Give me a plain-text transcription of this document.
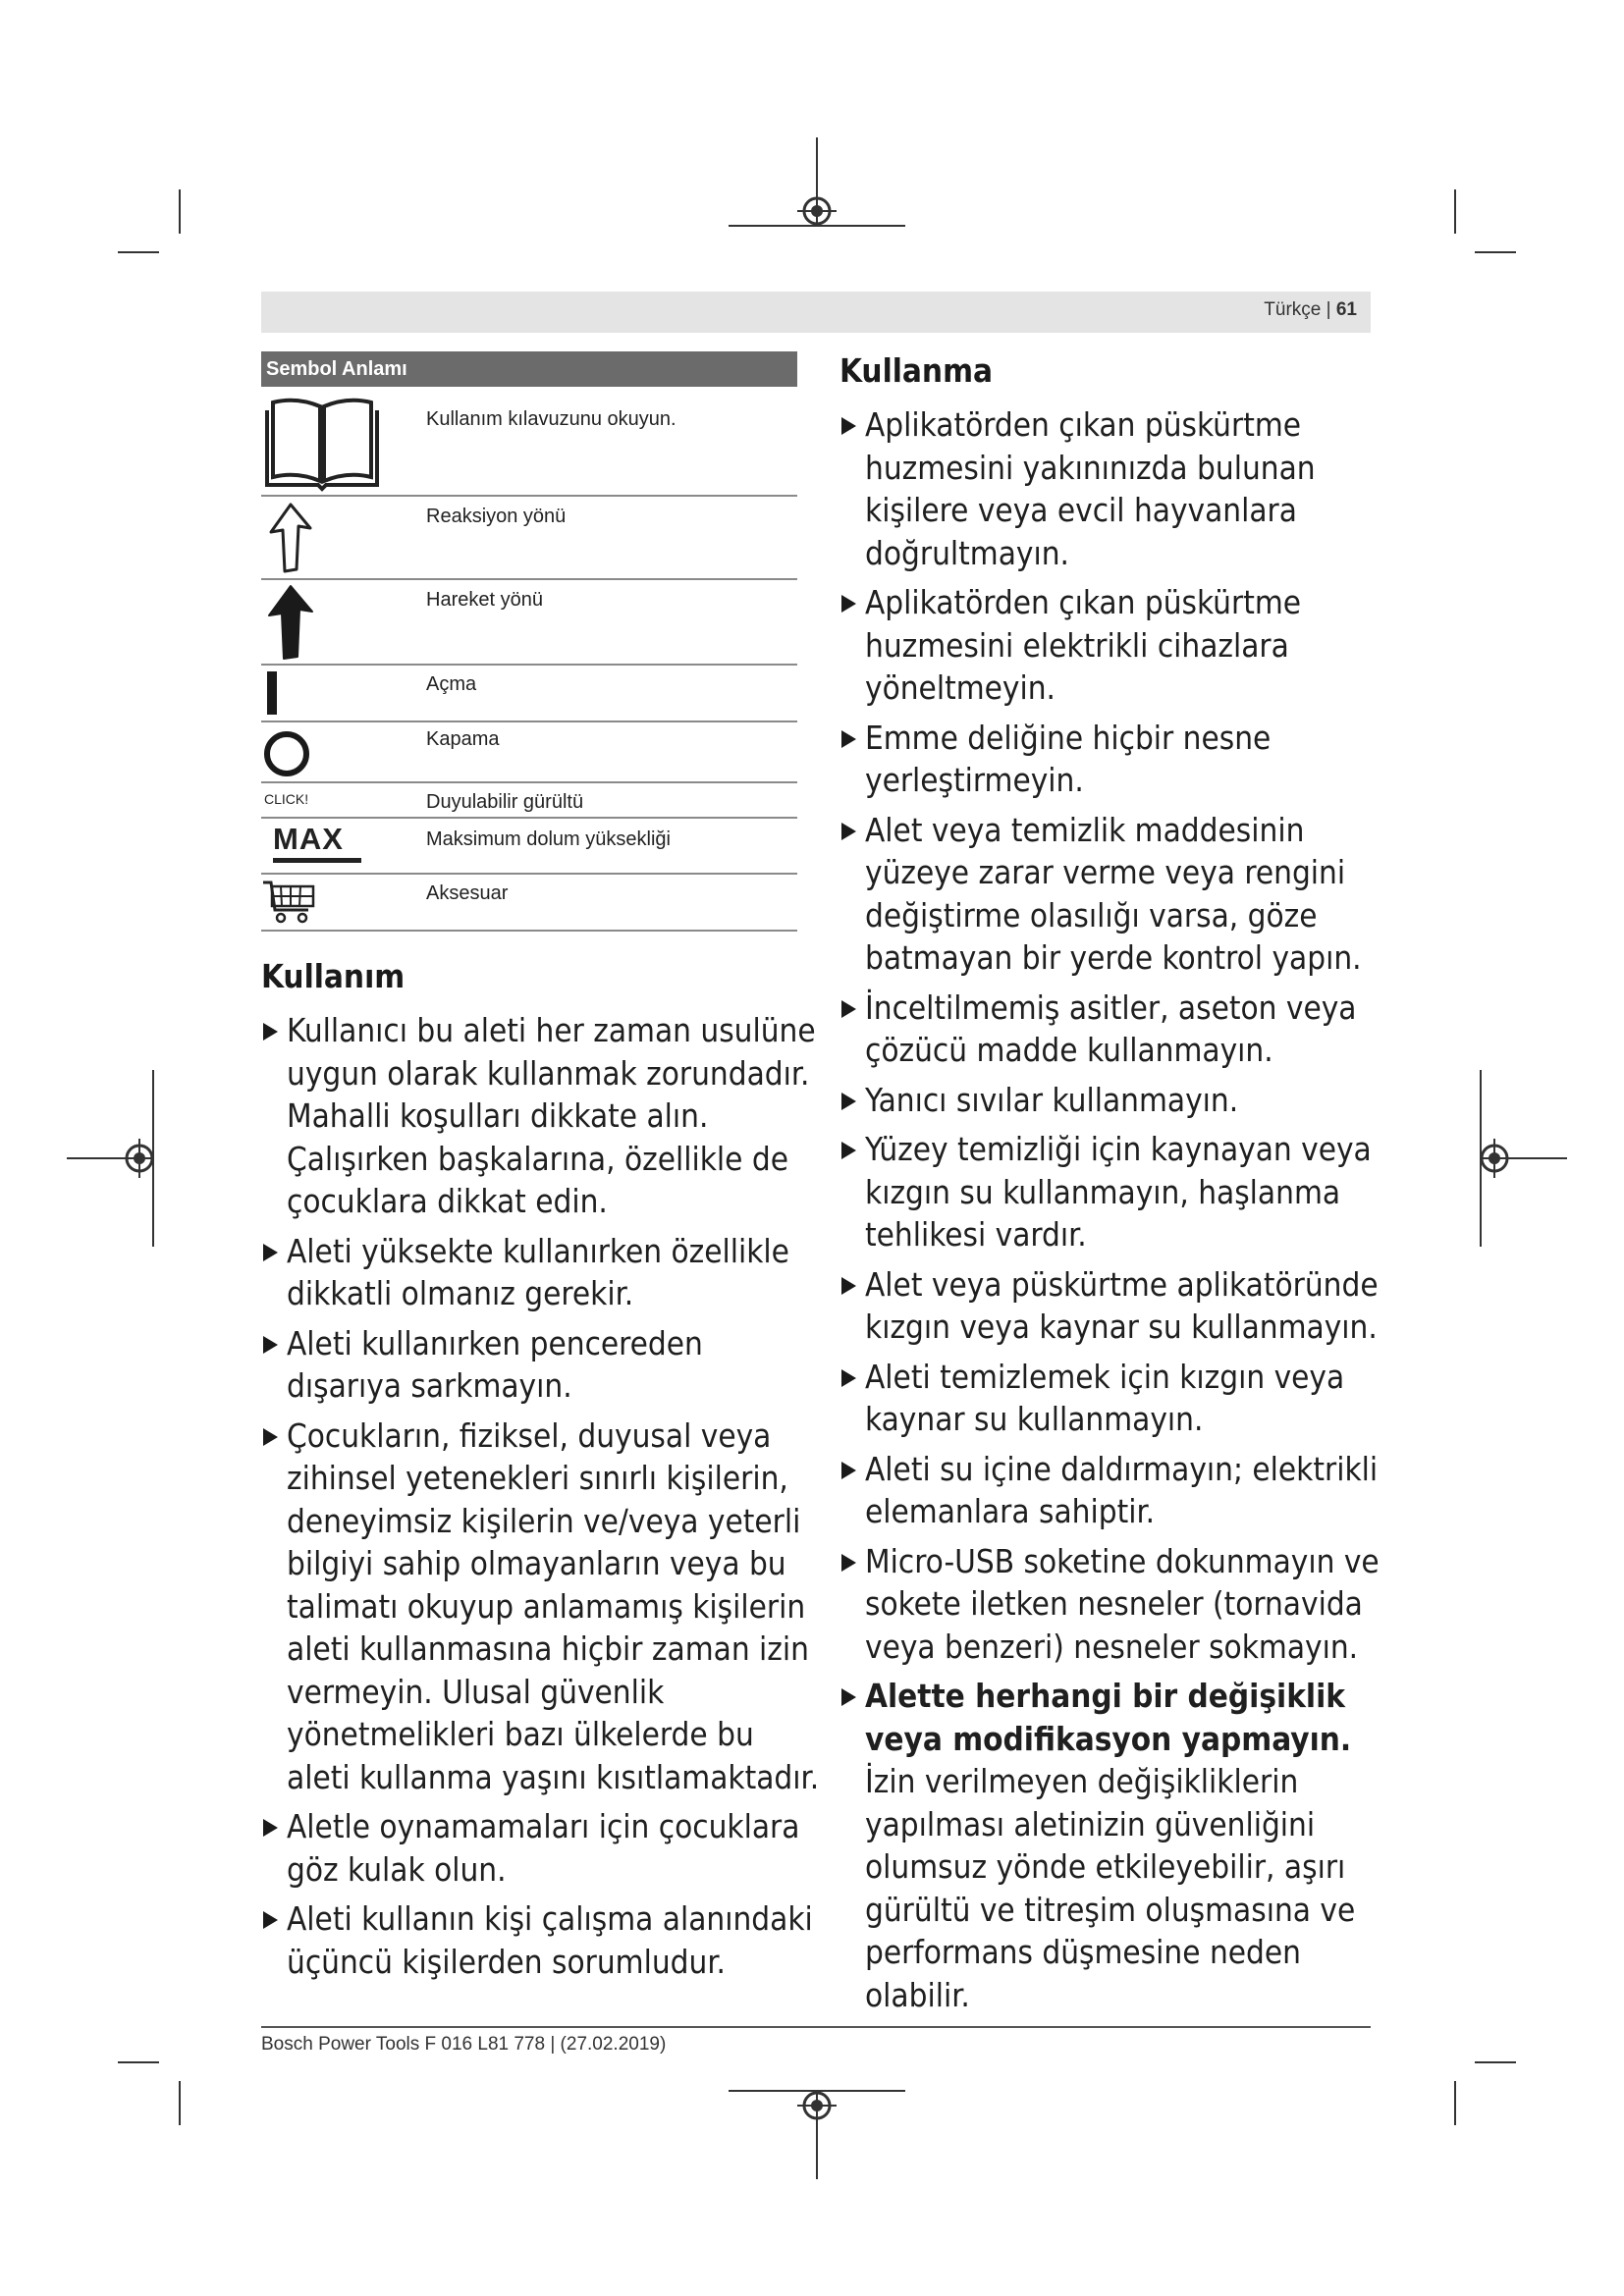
Türkçe | 61
Sembol Anlamı
Kullanım kılavuzunu okuyun.
Reaksiyon yönü
Hareket yönü
Açma
Kapama
CLICK!	Duyulabilir gürültü
MAX	Maksimum dolum yüksekliği
Aksesuar
Kullanım
Kullanıcı bu aleti her zaman usulüne uygun olarak kullanmak zorundadır. Mahalli koşulları dikkate alın. Çalışırken başkalarına, özellikle de çocuklara dikkat edin.
Aleti yüksekte kullanırken özellikle dikkatli olmanız gerekir.
Aleti kullanırken pencereden dışarıya sarkmayın.
Çocukların, fiziksel, duyusal veya zihinsel yetenekleri sınırlı kişilerin, deneyimsiz kişilerin ve/veya yeterli bilgiyi sahip olmayanların veya bu talimatı okuyup anlamamış kişilerin aleti kullanmasına hiçbir zaman izin vermeyin. Ulusal güvenlik yönetmelikleri bazı ülkelerde bu aleti kullanma yaşını kısıtlamaktadır.
Aletle oynamamaları için çocuklara göz kulak olun.
Aleti kullanın kişi çalışma alanındaki üçüncü kişilerden sorumludur.
Kullanma
Aplikatörden çıkan püskürtme huzmesini yakınınızda bulunan kişilere veya evcil hayvanlara doğrultmayın.
Aplikatörden çıkan püskürtme huzmesini elektrikli cihazlara yöneltmeyin.
Emme deliğine hiçbir nesne yerleştirmeyin.
Alet veya temizlik maddesinin yüzeye zarar verme veya rengini değiştirme olasılığı varsa, göze batmayan bir yerde kontrol yapın.
İnceltilmemiş asitler, aseton veya çözücü madde kullanmayın.
Yanıcı sıvılar kullanmayın.
Yüzey temizliği için kaynayan veya kızgın su kullanmayın, haşlanma tehlikesi vardır.
Alet veya püskürtme aplikatöründe kızgın veya kaynar su kullanmayın.
Aleti temizlemek için kızgın veya kaynar su kullanmayın.
Aleti su içine daldırmayın; elektrikli elemanlara sahiptir.
Micro-USB soketine dokunmayın ve sokete iletken nesneler (tornavida veya benzeri) nesneler sokmayın.
Alette herhangi bir değişiklik veya modifikasyon yapmayın. İzin verilmeyen değişikliklerin yapılması aletinizin güvenliğini olumsuz yönde etkileyebilir, aşırı gürültü ve titreşim oluşmasına ve performans düşmesine neden olabilir.
Bosch Power Tools F 016 L81 778 | (27.02.2019)
